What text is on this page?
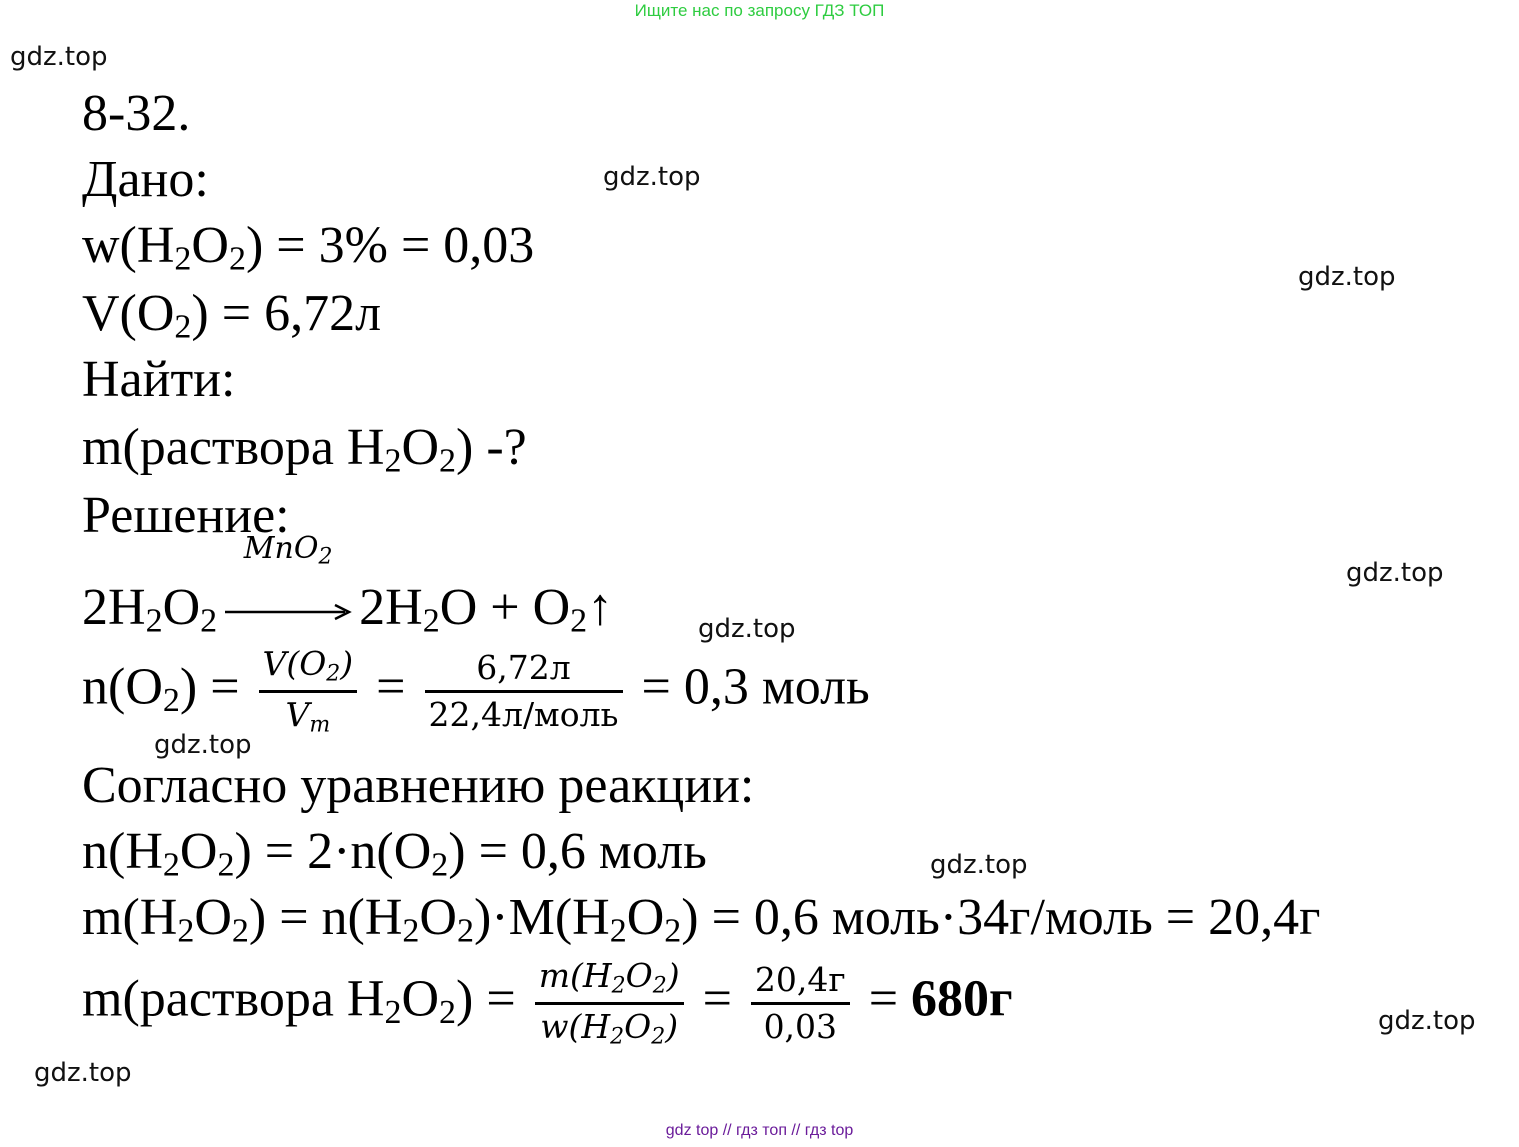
Ищите нас по запросу ГДЗ ТОП
gdz.top
gdz.top
gdz.top
gdz.top
gdz.top
gdz.top
gdz.top
gdz.top
gdz.top
8-32.
Дано:
$w(H_2O_2) = 3\% = 0,03$
$V(O_2) = 6,72л$
Найти:
m(раствора $H_2O_2$) -?
Решение:
$2H_2O_2$
MnO2
$2H_2O$ + $O_2↑$
$n(O_2) = \frac{V(O2)}{Vm} = \frac{6,72л}{\text{22,4л/моль}} = 0,3$ моль
Согласно уравнению реакции:
$n(H_2O_2) = 2\cdot n(O_2) = 0,6$ моль
$m(H_2O_2) = n(H_2O_2)\cdot M(H_2O_2) = 0,6$ моль·34г/моль = 20,4г
m(раствора $H_2O_2) = \frac{m(H2O2)}{w(H2O2)} = \frac{20,4г}{0,03} = 680г$
gdz top // гдз топ // гдз top
